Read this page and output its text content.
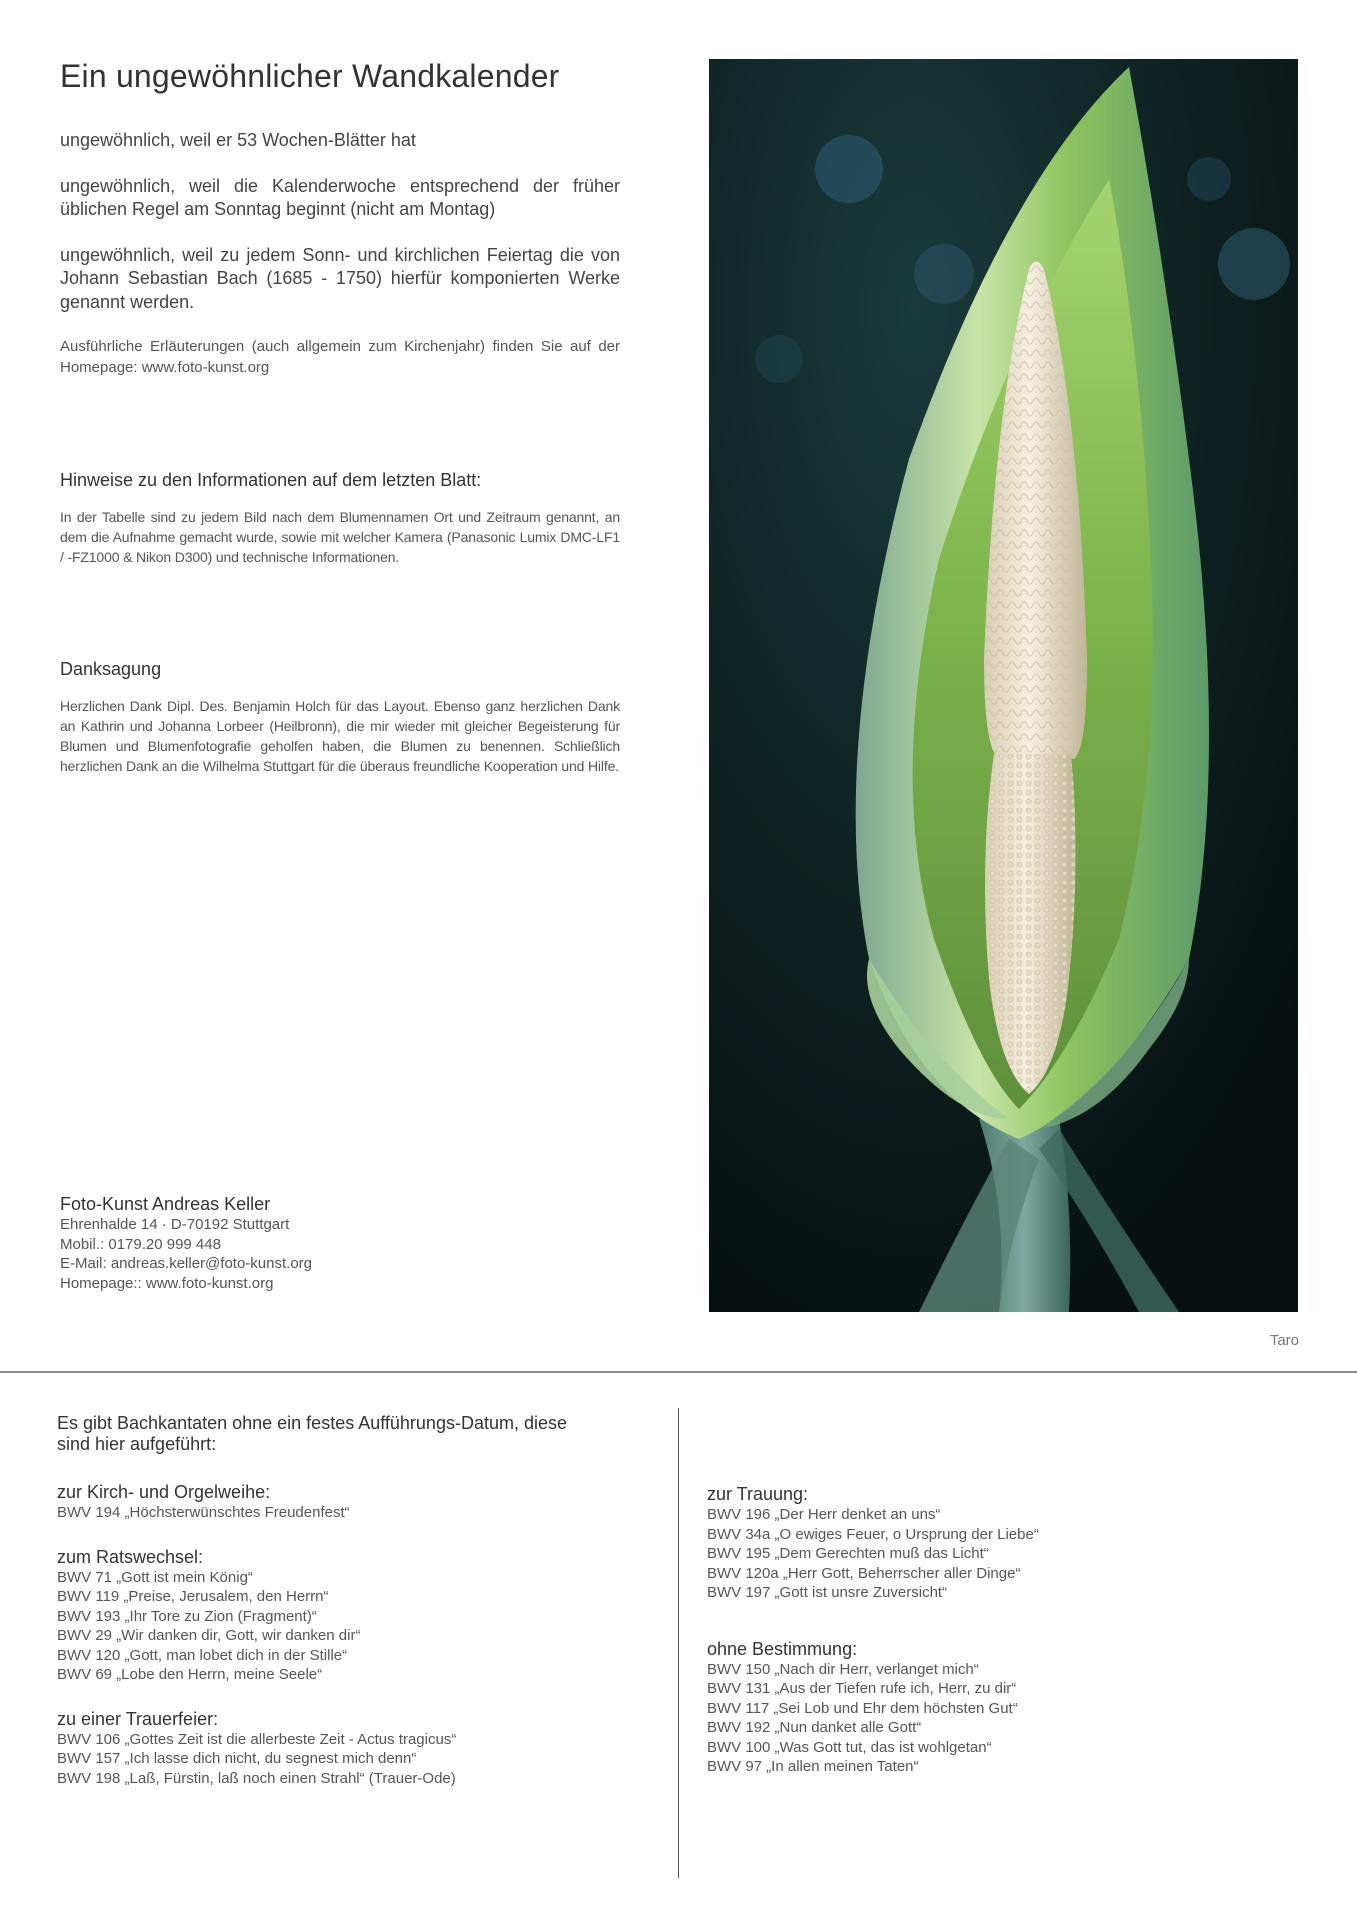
Ein ungewöhnlicher Wandkalender

ungewöhnlich, weil er 53 Wochen-Blätter hat

ungewöhnlich, weil die Kalenderwoche entsprechend der früher üblichen Regel am Sonntag beginnt (nicht am Montag)

ungewöhnlich, weil zu jedem Sonn- und kirchlichen Feiertag die von Johann Sebastian Bach (1685 - 1750) hierfür komponierten Werke genannt werden.

Ausführliche Erläuterungen (auch allgemein zum Kirchenjahr) finden Sie auf der Homepage: www.foto-kunst.org

Hinweise zu den Informationen auf dem letzten Blatt:

In der Tabelle sind zu jedem Bild nach dem Blumennamen Ort und Zeitraum genannt, an dem die Aufnahme gemacht wurde, sowie mit welcher Kamera (Panasonic Lumix DMC-LF1 / -FZ1000 & Nikon D300) und technische Informationen.

Danksagung

Herzlichen Dank Dipl. Des. Benjamin Holch für das Layout. Ebenso ganz herzlichen Dank an Kathrin und Johanna Lorbeer (Heilbronn), die mir wieder mit gleicher Begeisterung für Blumen und Blumenfotografie geholfen haben, die Blumen zu benennen. Schließlich herzlichen Dank an die Wilhelma Stuttgart für die überaus freundliche Kooperation und Hilfe.

Foto-Kunst Andreas Keller
Ehrenhalde 14 · D-70192 Stuttgart
Mobil.: 0179.20 999 448
E-Mail: andreas.keller@foto-kunst.org
Homepage:: www.foto-kunst.org
Taro
Es gibt Bachkantaten ohne ein festes Aufführungs-Datum, diese sind hier aufgeführt:
zur Kirch- und Orgelweihe:
BWV 194 „Höchsterwünschtes Freudenfest“
zum Ratswechsel:
BWV 71 „Gott ist mein König“
BWV 119 „Preise, Jerusalem, den Herrn“
BWV 193 „Ihr Tore zu Zion (Fragment)“
BWV 29 „Wir danken dir, Gott, wir danken dir“
BWV 120 „Gott, man lobet dich in der Stille“
BWV 69 „Lobe den Herrn, meine Seele“
zu einer Trauerfeier:
BWV 106 „Gottes Zeit ist die allerbeste Zeit - Actus tragicus“
BWV 157 „Ich lasse dich nicht, du segnest mich denn“
BWV 198 „Laß, Fürstin, laß noch einen Strahl“ (Trauer-Ode)
zur Trauung:
BWV 196 „Der Herr denket an uns“
BWV 34a „O ewiges Feuer, o Ursprung der Liebe“
BWV 195 „Dem Gerechten muß das Licht“
BWV 120a „Herr Gott, Beherrscher aller Dinge“
BWV 197 „Gott ist unsre Zuversicht“
ohne Bestimmung:
BWV 150 „Nach dir Herr, verlanget mich“
BWV 131 „Aus der Tiefen rufe ich, Herr, zu dir“
BWV 117 „Sei Lob und Ehr dem höchsten Gut“
BWV 192 „Nun danket alle Gott“
BWV 100 „Was Gott tut, das ist wohlgetan“
BWV 97 „In allen meinen Taten“
